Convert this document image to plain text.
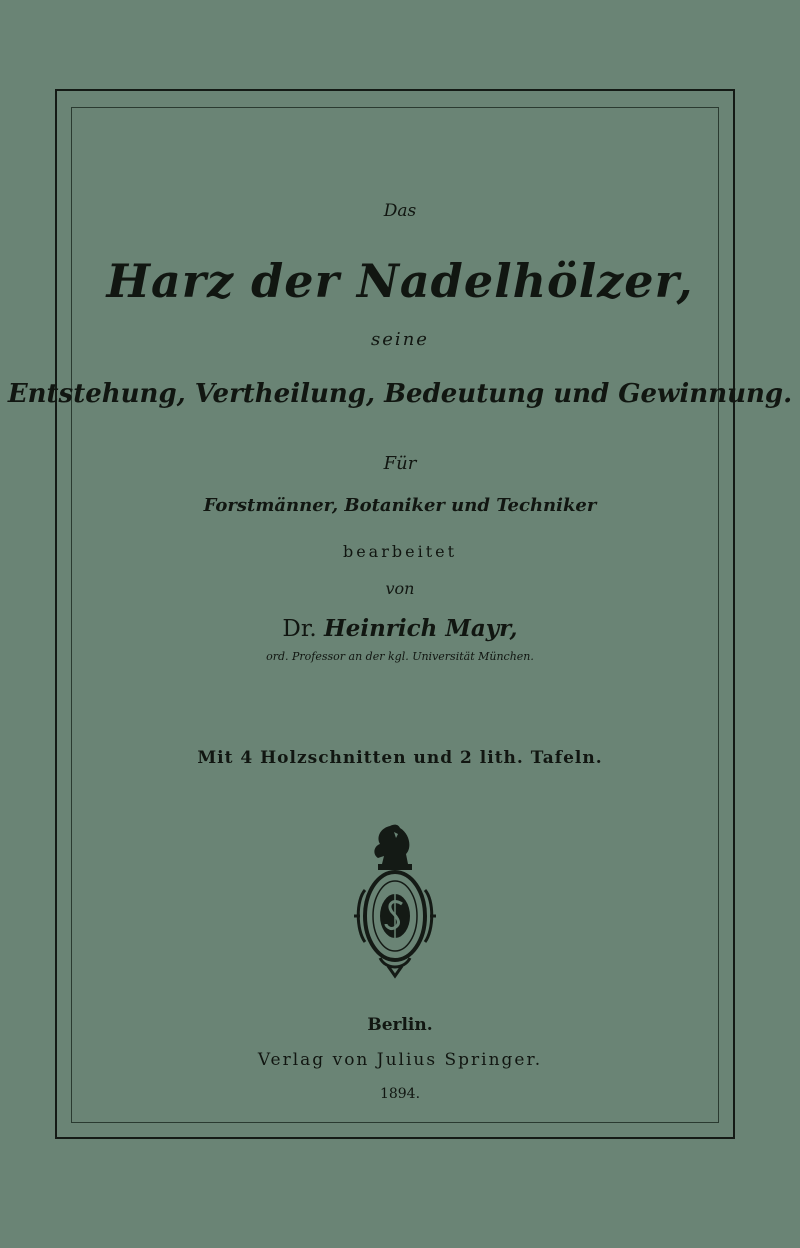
Das
Harz der Nadelhölzer,
seine
Entstehung, Vertheilung, Bedeutung und Gewinnung.
Für
Forstmänner, Botaniker und Techniker
bearbeitet
von
Dr. Heinrich Mayr,
ord. Professor an der kgl. Universität München.
Mit 4 Holzschnitten und 2 lith. Tafeln.
Berlin.
Verlag von Julius Springer.
1894.
